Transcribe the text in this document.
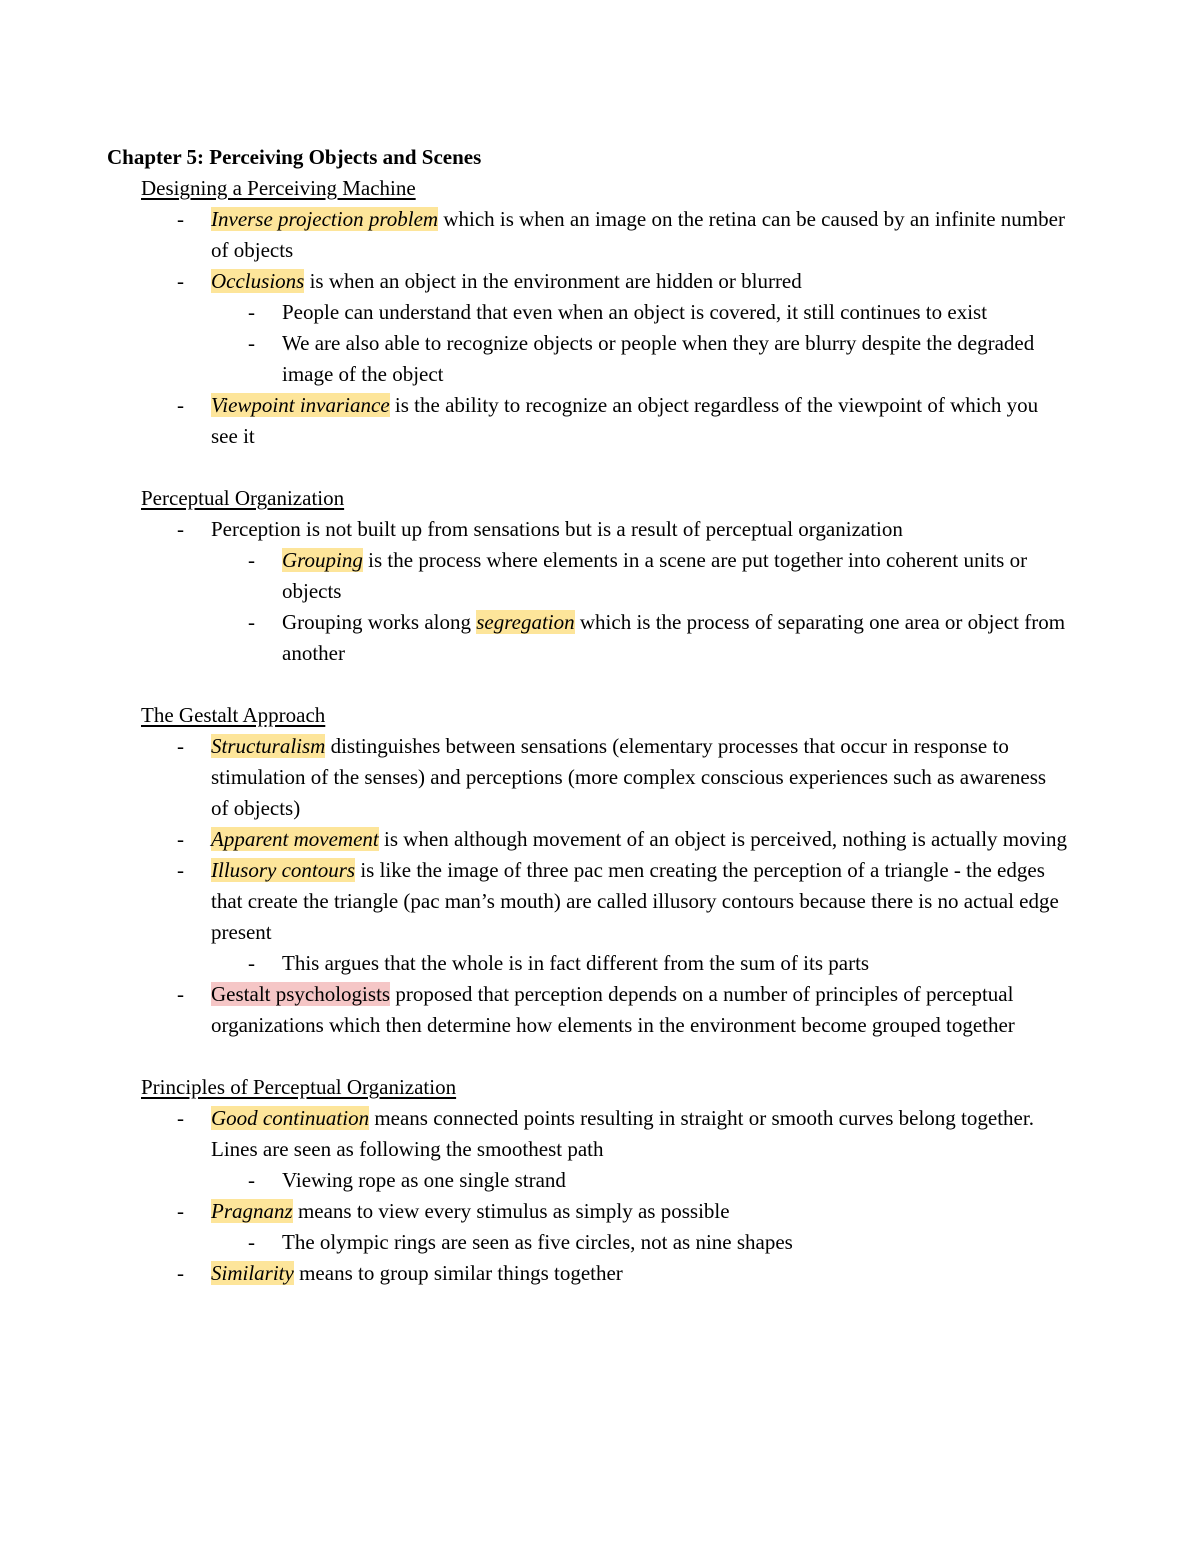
Chapter 5: Perceiving Objects and Scenes
Designing a Perceiving Machine
- Inverse projection problem which is when an image on the retina can be caused by an infinite number of objects
- Occlusions is when an object in the environment are hidden or blurred
- People can understand that even when an object is covered, it still continues to exist
- We are also able to recognize objects or people when they are blurry despite the degraded image of the object
- Viewpoint invariance is the ability to recognize an object regardless of the viewpoint of which you see it
Perceptual Organization
- Perception is not built up from sensations but is a result of perceptual organization
- Grouping is the process where elements in a scene are put together into coherent units or objects
- Grouping works along segregation which is the process of separating one area or object from another
The Gestalt Approach
- Structuralism distinguishes between sensations (elementary processes that occur in response to stimulation of the senses) and perceptions (more complex conscious experiences such as awareness of objects)
- Apparent movement is when although movement of an object is perceived, nothing is actually moving
- Illusory contours is like the image of three pac men creating the perception of a triangle - the edges that create the triangle (pac man’s mouth) are called illusory contours because there is no actual edge present
- This argues that the whole is in fact different from the sum of its parts
- Gestalt psychologists proposed that perception depends on a number of principles of perceptual organizations which then determine how elements in the environment become grouped together
Principles of Perceptual Organization
- Good continuation means connected points resulting in straight or smooth curves belong together. Lines are seen as following the smoothest path
- Viewing rope as one single strand
- Pragnanz means to view every stimulus as simply as possible
- The olympic rings are seen as five circles, not as nine shapes
- Similarity means to group similar things together
